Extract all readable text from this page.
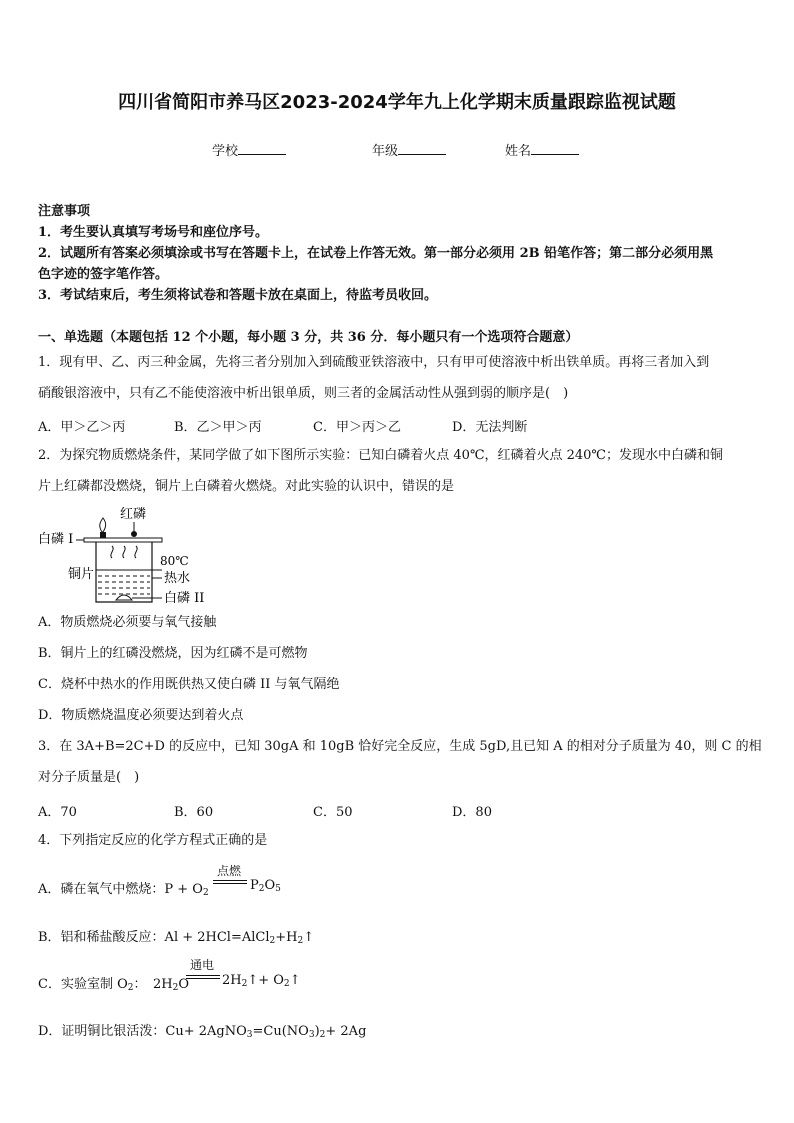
四川省简阳市养马区2023-2024学年九上化学期末质量跟踪监视试题
学校	年级	姓名
注意事项
1．考生要认真填写考场号和座位序号。
2．试题所有答案必须填涂或书写在答题卡上，在试卷上作答无效。第一部分必须用 2B 铅笔作答；第二部分必须用黑
色字迹的签字笔作答。
3．考试结束后，考生须将试卷和答题卡放在桌面上，待监考员收回。
一、单选题（本题包括 12 个小题，每小题 3 分，共 36 分．每小题只有一个选项符合题意）
1．现有甲、乙、丙三种金属，先将三者分别加入到硫酸亚铁溶液中，只有甲可使溶液中析出铁单质。再将三者加入到
硝酸银溶液中，只有乙不能使溶液中析出银单质，则三者的金属活动性从强到弱的顺序是(　)
A．甲＞乙＞丙	B．乙＞甲＞丙	C．甲＞丙＞乙	D．无法判断
2．为探究物质燃烧条件，某同学做了如下图所示实验：已知白磷着火点 40℃，红磷着火点 240℃；发现水中白磷和铜
片上红磷都没燃烧，铜片上白磷着火燃烧。对此实验的认识中，错误的是
红磷
白磷 I
铜片
80℃
热水
白磷 II
A．物质燃烧必须要与氧气接触
B．铜片上的红磷没燃烧，因为红磷不是可燃物
C．烧杯中热水的作用既供热又使白磷 II 与氧气隔绝
D．物质燃烧温度必须要达到着火点
3．在 3A+B=2C+D 的反应中，已知 30gA 和 10gB 恰好完全反应，生成 5gD,且已知 A 的相对分子质量为 40，则 C 的相
对分子质量是(　)
A．70	B．60	C．50	D．80
4．下列指定反应的化学方程式正确的是
A．磷在氧气中燃烧：$P + O_2$
点燃
$P_2O_5$
B．铝和稀盐酸反应：$Al + 2HCl=AlCl_2+H_2↑$
C．实验室制 $O_2$：　$2H_2O$
通电
$2H_2↑+$ $O_2↑$
D．证明铜比银活泼：$Cu+ 2AgNO_3=Cu(NO_3)_2+ 2Ag$
